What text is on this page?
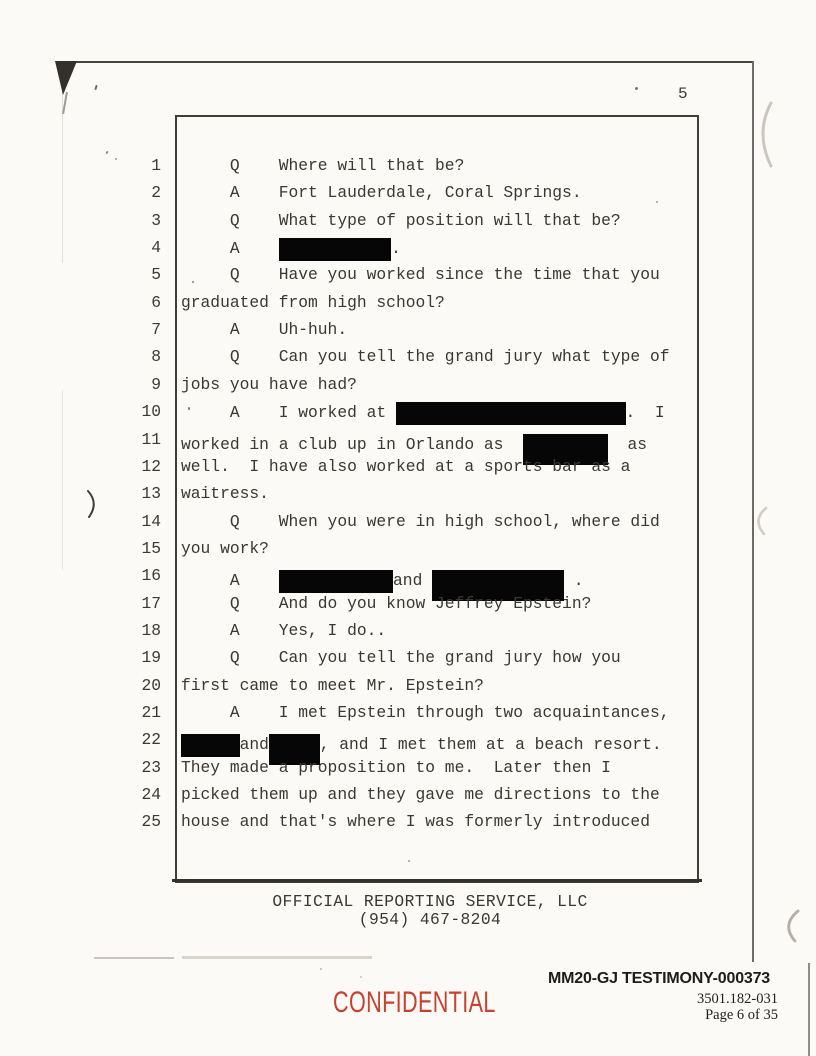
5
1 Q    Where will that be?
2 A    Fort Lauderdale, Coral Springs.
3 Q    What type of position will that be?
4 A	.
5 Q    Have you worked since the time that you
6 graduated from high school?
7 A    Uh-huh.
8 Q    Can you tell the grand jury what type of
9 jobs you have had?
10 A    I worked at	.  I
11 worked in a club up in Orlando as	as
12 well.  I have also worked at a sports bar as a
13 waitress.
14 Q    When you were in high school, where did
15 you work?
16 A	and	.
17 Q    And do you know Jeffrey Epstein?
18 A    Yes, I do..
19 Q    Can you tell the grand jury how you
20 first came to meet Mr. Epstein?
21 A    I met Epstein through two acquaintances,
22	and	, and I met them at a beach resort.
23 They made a proposition to me.  Later then I
24 picked them up and they gave me directions to the
25 house and that's where I was formerly introduced
OFFICIAL REPORTING SERVICE, LLC
(954) 467-8204
CONFIDENTIAL
MM20-GJ TESTIMONY-000373
3501.182-031
Page 6 of 35
